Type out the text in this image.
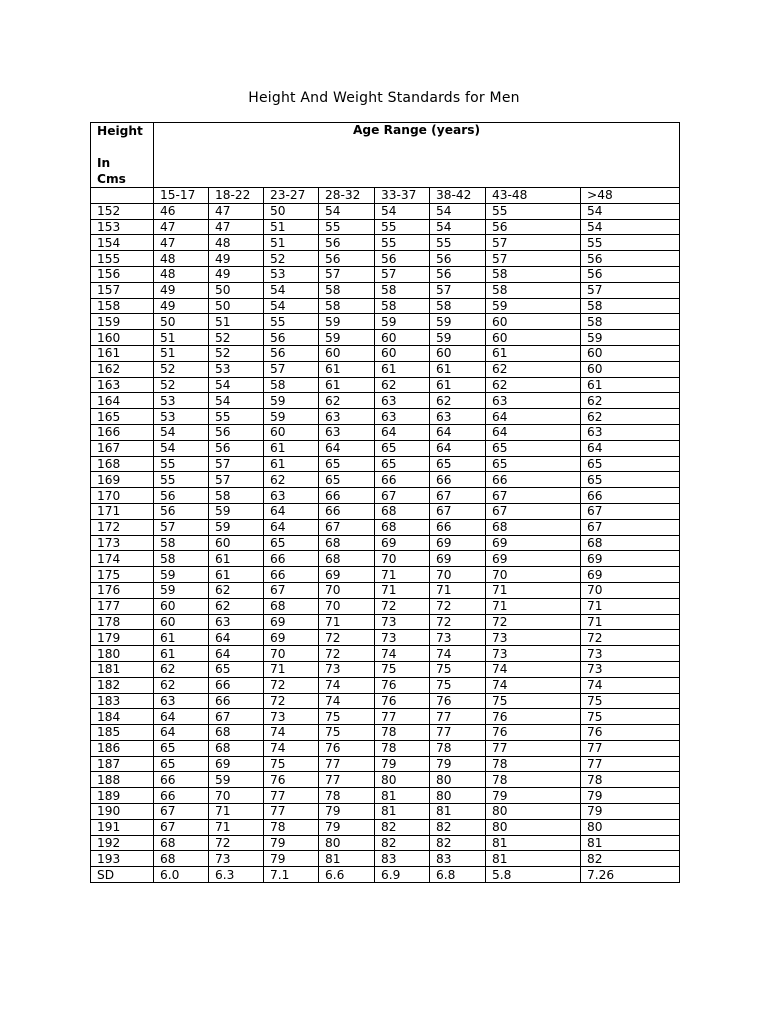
Height And Weight Standards for Men
Height
In
Cms	Age Range (years)							
	15-17	18-22	23-27	28-32	33-37	38-42	43-48	>48
152	46	47	50	54	54	54	55	54
153	47	47	51	55	55	54	56	54
154	47	48	51	56	55	55	57	55
155	48	49	52	56	56	56	57	56
156	48	49	53	57	57	56	58	56
157	49	50	54	58	58	57	58	57
158	49	50	54	58	58	58	59	58
159	50	51	55	59	59	59	60	58
160	51	52	56	59	60	59	60	59
161	51	52	56	60	60	60	61	60
162	52	53	57	61	61	61	62	60
163	52	54	58	61	62	61	62	61
164	53	54	59	62	63	62	63	62
165	53	55	59	63	63	63	64	62
166	54	56	60	63	64	64	64	63
167	54	56	61	64	65	64	65	64
168	55	57	61	65	65	65	65	65
169	55	57	62	65	66	66	66	65
170	56	58	63	66	67	67	67	66
171	56	59	64	66	68	67	67	67
172	57	59	64	67	68	66	68	67
173	58	60	65	68	69	69	69	68
174	58	61	66	68	70	69	69	69
175	59	61	66	69	71	70	70	69
176	59	62	67	70	71	71	71	70
177	60	62	68	70	72	72	71	71
178	60	63	69	71	73	72	72	71
179	61	64	69	72	73	73	73	72
180	61	64	70	72	74	74	73	73
181	62	65	71	73	75	75	74	73
182	62	66	72	74	76	75	74	74
183	63	66	72	74	76	76	75	75
184	64	67	73	75	77	77	76	75
185	64	68	74	75	78	77	76	76
186	65	68	74	76	78	78	77	77
187	65	69	75	77	79	79	78	77
188	66	59	76	77	80	80	78	78
189	66	70	77	78	81	80	79	79
190	67	71	77	79	81	81	80	79
191	67	71	78	79	82	82	80	80
192	68	72	79	80	82	82	81	81
193	68	73	79	81	83	83	81	82
SD	6.0	6.3	7.1	6.6	6.9	6.8	5.8	7.26
